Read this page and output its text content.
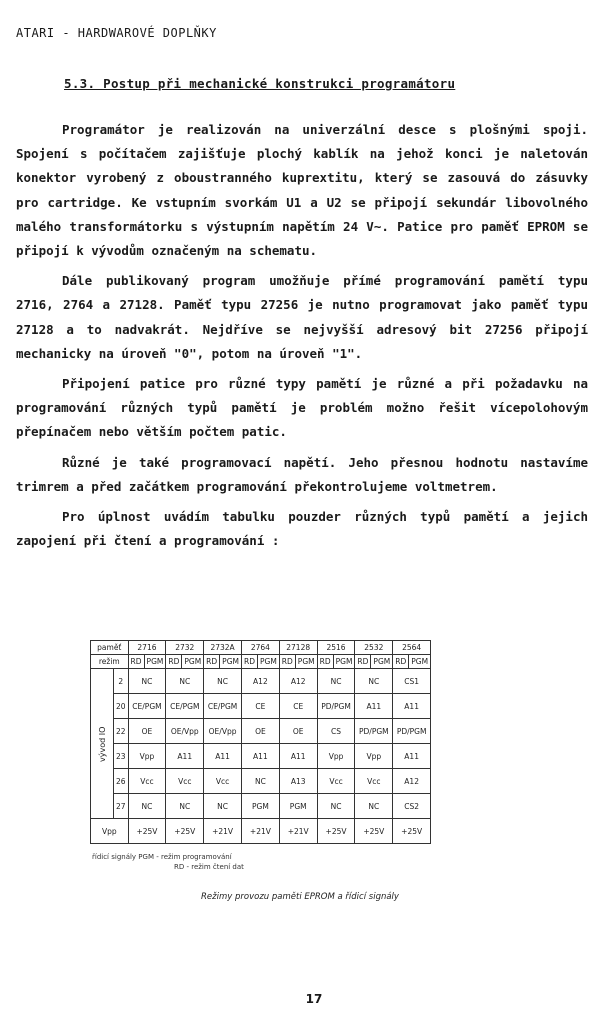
ATARI - HARDWAROVÉ DOPLŇKY
5.3. Postup při mechanické konstrukci programátoru

Programátor je realizován na univerzální desce s plošnými spoji. Spojení s počítačem zajišťuje plochý kablík na jehož konci je naletován konektor vyrobený z oboustranného kuprextitu, který se zasouvá do zásuvky pro cartridge. Ke vstupním svorkám U1 a U2 se připojí sekundár libovolného malého transformátorku s výstupním napětím 24 V~. Patice pro paměť EPROM se připojí k vývodům označeným na schematu.

Dále publikovaný program umožňuje přímé programování pamětí typu 2716, 2764 a 27128. Paměť typu 27256 je nutno programovat jako paměť typu 27128 a to nadvakrát. Nejdříve se nejvyšší adresový bit 27256 připojí mechanicky na úroveň "0", potom na úroveň "1".

Připojení patice pro různé typy pamětí je různé a při požadavku na programování různých typů pamětí je problém možno řešit vícepolohovým přepínačem nebo větším počtem patic.

Různé je také programovací napětí. Jeho přesnou hodnotu nastavíme trimrem a před začátkem programování překontrolujeme voltmetrem.

Pro úplnost uvádím tabulku pouzder různých typů pamětí a jejich zapojení při čtení a programování :

paměť		2716		2732		2732A		2764		27128		2516		2532		2564	
režim		RD	PGM	RD	PGM	RD	PGM	RD	PGM	RD	PGM	RD	PGM	RD	PGM	RD	PGM
vývod IO	2	NC		NC		NC		A12		A12		NC		NC		CS1	
	20	CE/PGM		CE/PGM		CE/PGM		CE		CE		PD/PGM		A11		A11	
	22	OE		OE/Vpp		OE/Vpp		OE		OE		CS		PD/PGM		PD/PGM	
	23	Vpp		A11		A11		A11		A11		Vpp		Vpp		A11	
	26	Vcc		Vcc		Vcc		NC		A13		Vcc		Vcc		A12	
	27	NC		NC		NC		PGM		PGM		NC		NC		CS2	
Vpp		+25V		+25V		+21V		+21V		+21V		+25V		+25V		+25V	
řídicí signály PGM - režim programování
RD - režim čtení dat
Režimy provozu paměti EPROM a řídicí signály
17
